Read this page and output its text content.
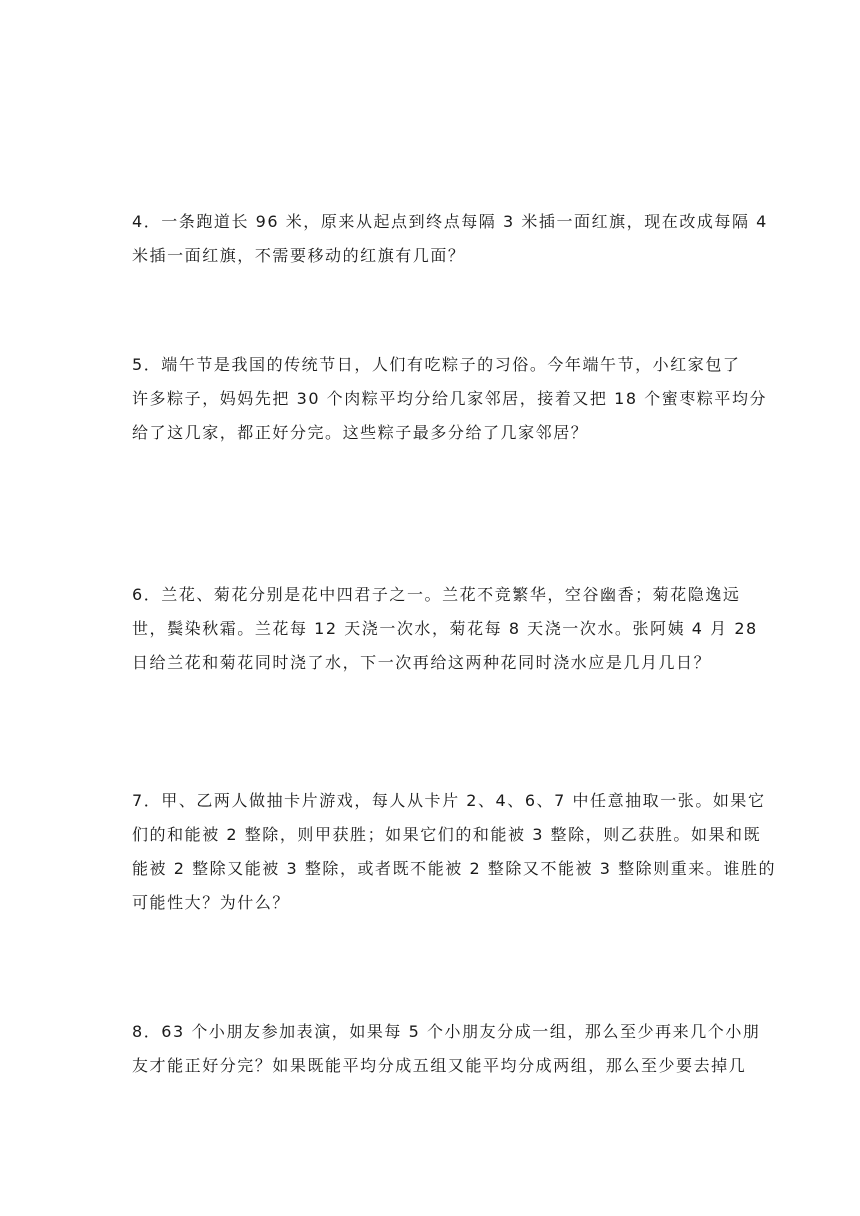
4．一条跑道长 96 米，原来从起点到终点每隔 3 米插一面红旗，现在改成每隔 4
米插一面红旗，不需要移动的红旗有几面？
5．端午节是我国的传统节日，人们有吃粽子的习俗。今年端午节，小红家包了
许多粽子，妈妈先把 30 个肉粽平均分给几家邻居，接着又把 18 个蜜枣粽平均分
给了这几家，都正好分完。这些粽子最多分给了几家邻居？
6．兰花、菊花分别是花中四君子之一。兰花不竞繁华，空谷幽香；菊花隐逸远
世，鬓染秋霜。兰花每 12 天浇一次水，菊花每 8 天浇一次水。张阿姨 4 月 28
日给兰花和菊花同时浇了水，下一次再给这两种花同时浇水应是几月几日？
7．甲、乙两人做抽卡片游戏，每人从卡片 2、4、6、7 中任意抽取一张。如果它
们的和能被 2 整除，则甲获胜；如果它们的和能被 3 整除，则乙获胜。如果和既
能被 2 整除又能被 3 整除，或者既不能被 2 整除又不能被 3 整除则重来。谁胜的
可能性大？为什么？
8．63 个小朋友参加表演，如果每 5 个小朋友分成一组，那么至少再来几个小朋
友才能正好分完？如果既能平均分成五组又能平均分成两组，那么至少要去掉几
